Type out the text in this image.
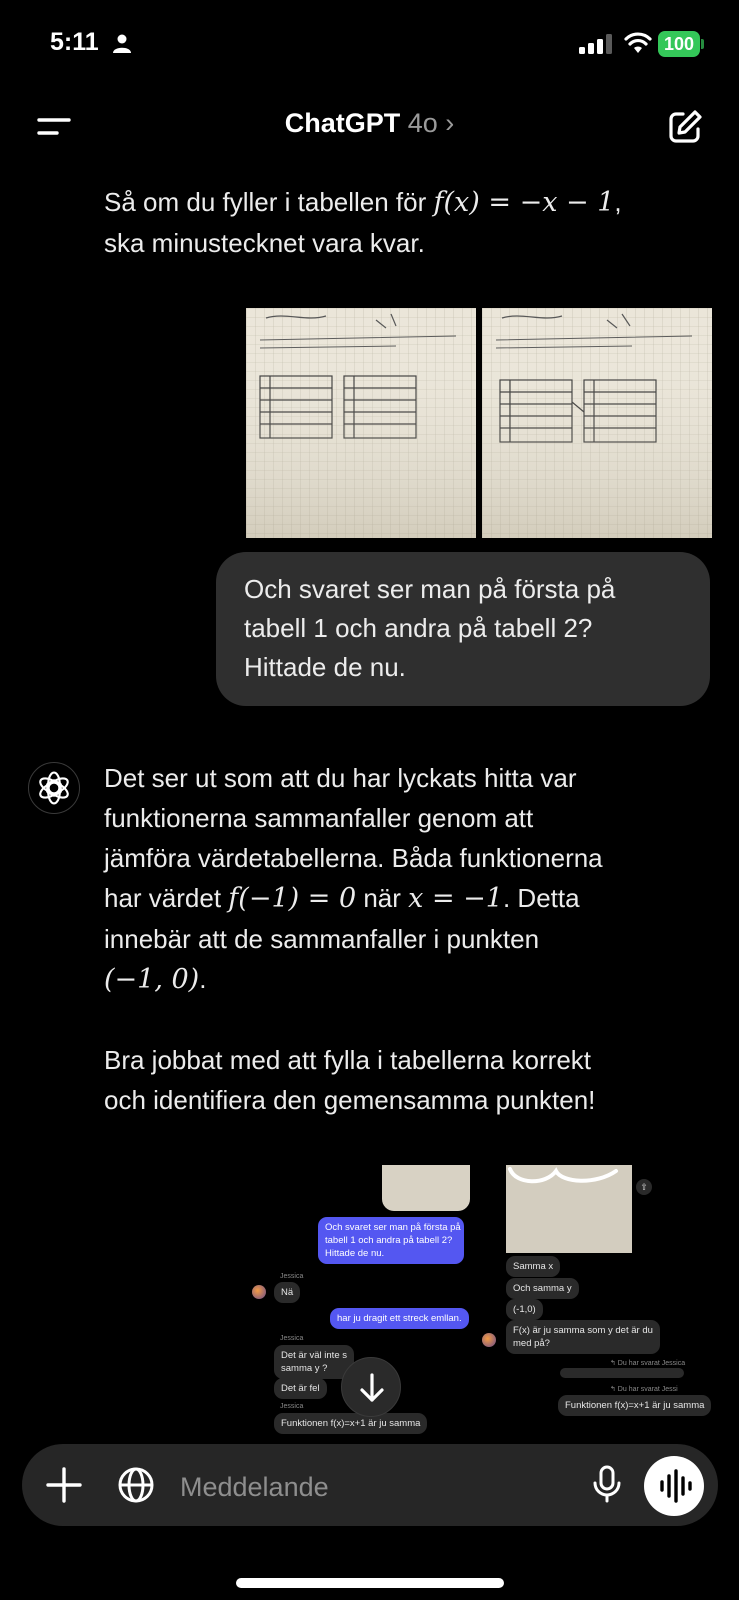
5:11	100
ChatGPT 4o ›
Så om du fyller i tabellen för f(x) = −x − 1,
ska minustecknet vara kvar.
Och svaret ser man på första på
tabell 1 och andra på tabell 2?
Hittade de nu.
Det ser ut som att du har lyckats hitta var
funktionerna sammanfaller genom att
jämföra värdetabellerna. Båda funktionerna
har värdet f(−1) = 0 när x = −1. Detta
innebär att de sammanfaller i punkten
(−1, 0).
Bra jobbat med att fylla i tabellerna korrekt
och identifiera den gemensamma punkten!
Och svaret ser man på första på
tabell 1 och andra på tabell 2?
Hittade de nu.
Jessica
Nä
har ju dragit ett streck emllan.
Jessica
Det är väl inte s
samma y ?
Det är fel
Jessica
Funktionen f(x)=x+1 är ju samma
⇧
Samma x
Och samma y
(-1,0)
F(x) är ju samma som y det är du
med på?
↰ Du har svarat Jessica
↰ Du har svarat Jessi
Funktionen f(x)=x+1 är ju samma
Meddelande
